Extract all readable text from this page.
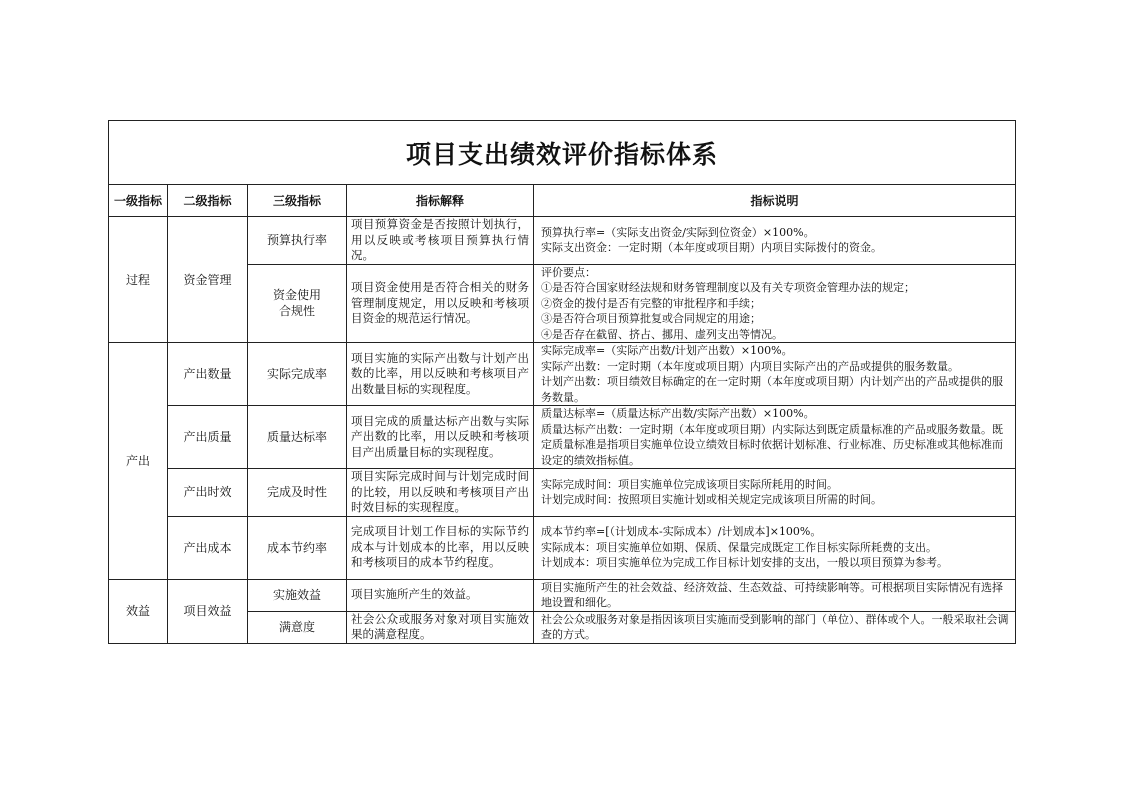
项目支出绩效评价指标体系				
一级指标	二级指标	三级指标	指标解释	指标说明
过程	资金管理	预算执行率	项目预算资金是否按照计划执行，用以反映或考核项目预算执行情况。	预算执行率=（实际支出资金/实际到位资金）×100%。
实际支出资金：一定时期（本年度或项目期）内项目实际拨付的资金。

		资金使用合规性	项目资金使用是否符合相关的财务管理制度规定，用以反映和考核项目资金的规范运行情况。	评价要点：
①是否符合国家财经法规和财务管理制度以及有关专项资金管理办法的规定；
②资金的拨付是否有完整的审批程序和手续；
③是否符合项目预算批复或合同规定的用途；
④是否存在截留、挤占、挪用、虚列支出等情况。

产出	产出数量	实际完成率	项目实施的实际产出数与计划产出数的比率，用以反映和考核项目产出数量目标的实现程度。	实际完成率=（实际产出数/计划产出数）×100%。
实际产出数：一定时期（本年度或项目期）内项目实际产出的产品或提供的服务数量。
计划产出数：项目绩效目标确定的在一定时期（本年度或项目期）内计划产出的产品或提供的服务数量。

	产出质量	质量达标率	项目完成的质量达标产出数与实际产出数的比率，用以反映和考核项目产出质量目标的实现程度。	质量达标率=（质量达标产出数/实际产出数）×100%。
质量达标产出数：一定时期（本年度或项目期）内实际达到既定质量标准的产品或服务数量。既定质量标准是指项目实施单位设立绩效目标时依据计划标准、行业标准、历史标准或其他标准而设定的绩效指标值。

	产出时效	完成及时性	项目实际完成时间与计划完成时间的比较，用以反映和考核项目产出时效目标的实现程度。	实际完成时间：项目实施单位完成该项目实际所耗用的时间。
计划完成时间：按照项目实施计划或相关规定完成该项目所需的时间。

	产出成本	成本节约率	完成项目计划工作目标的实际节约成本与计划成本的比率，用以反映和考核项目的成本节约程度。	成本节约率=[（计划成本-实际成本）/计划成本]×100%。
实际成本：项目实施单位如期、保质、保量完成既定工作目标实际所耗费的支出。
计划成本：项目实施单位为完成工作目标计划安排的支出，一般以项目预算为参考。

效益	项目效益	实施效益	项目实施所产生的效益。	项目实施所产生的社会效益、经济效益、生态效益、可持续影响等。可根据项目实际情况有选择地设置和细化。

		满意度	社会公众或服务对象对项目实施效果的满意程度。	社会公众或服务对象是指因该项目实施而受到影响的部门（单位）、群体或个人。一般采取社会调查的方式。
